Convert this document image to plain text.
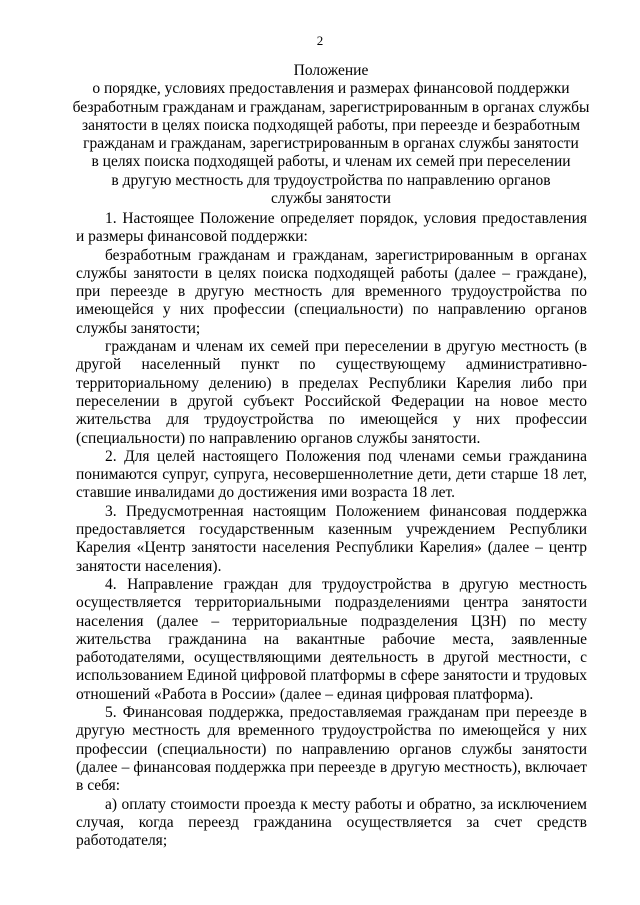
2
Положение
о порядке, условиях предоставления и размерах финансовой поддержки
безработным гражданам и гражданам, зарегистрированным в органах службы
занятости в целях поиска подходящей работы, при переезде и безработным
гражданам и гражданам, зарегистрированным в органах службы занятости
в целях поиска подходящей работы, и членам их семей при переселении
в другую местность для трудоустройства по направлению органов
службы занятости

1. Настоящее Положение определяет порядок, условия предоставления и размеры финансовой поддержки:

безработным гражданам и гражданам, зарегистрированным в органах службы занятости в целях поиска подходящей работы (далее – граждане), при переезде в другую местность для временного трудоустройства по имеющейся у них профессии (специальности) по направлению органов службы занятости;

гражданам и членам их семей при переселении в другую местность (в другой населенный пункт по существующему административно-территориальному делению) в пределах Республики Карелия либо при переселении в другой субъект Российской Федерации на новое место жительства для трудоустройства по имеющейся у них профессии (специальности) по направлению органов службы занятости.

2. Для целей настоящего Положения под членами семьи гражданина понимаются супруг, супруга, несовершеннолетние дети, дети старше 18 лет, ставшие инвалидами до достижения ими возраста 18 лет.

3. Предусмотренная настоящим Положением финансовая поддержка предоставляется государственным казенным учреждением Республики Карелия «Центр занятости населения Республики Карелия» (далее – центр занятости населения).

4. Направление граждан для трудоустройства в другую местность осуществляется территориальными подразделениями центра занятости населения (далее – территориальные подразделения ЦЗН) по месту жительства гражданина на вакантные рабочие места, заявленные работодателями, осуществляющими деятельность в другой местности, с использованием Единой цифровой платформы в сфере занятости и трудовых отношений «Работа в России» (далее – единая цифровая платформа).

5. Финансовая поддержка, предоставляемая гражданам при переезде в другую местность для временного трудоустройства по имеющейся у них профессии (специальности) по направлению органов службы занятости (далее – финансовая поддержка при переезде в другую местность), включает в себя:

а) оплату стоимости проезда к месту работы и обратно, за исключением случая, когда переезд гражданина осуществляется за счет средств работодателя;
